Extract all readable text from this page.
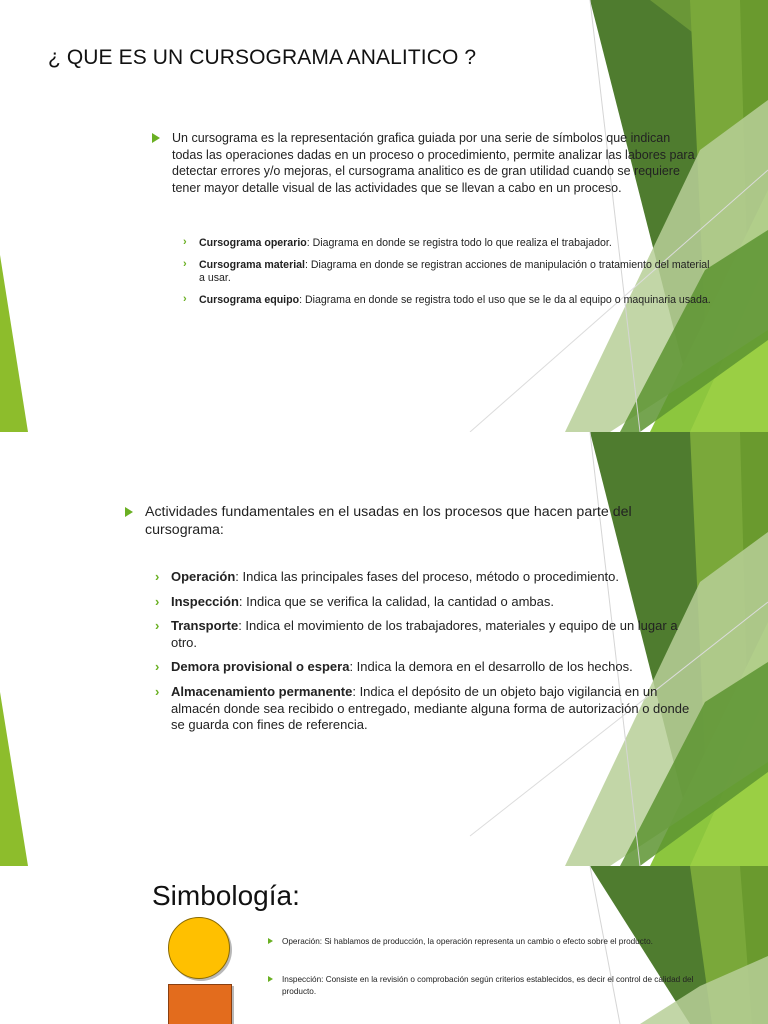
¿ QUE ES UN CURSOGRAMA ANALITICO ?
Un cursograma es la representación grafica guiada por una serie de símbolos que indican todas las operaciones dadas en un proceso o procedimiento, permite analizar las labores para detectar errores y/o mejoras, el cursograma analitico es de gran utilidad cuando se requiere tener mayor detalle visual de las actividades que se llevan a cabo en un proceso.
› Cursograma operario: Diagrama en donde se registra todo lo que realiza el trabajador.
› Cursograma material: Diagrama en donde se registran acciones de manipulación o tratamiento del material a usar.
› Cursograma equipo: Diagrama en donde se registra todo el uso que se le da al equipo o maquinaria usada.
Actividades fundamentales en el usadas en los procesos que hacen parte del cursograma:
› Operación: Indica las principales fases del proceso, método o procedimiento.
› Inspección: Indica que se verifica la calidad, la cantidad o ambas.
› Transporte: Indica el movimiento de los trabajadores, materiales y equipo de un lugar a otro.
› Demora provisional o espera: Indica la demora en el desarrollo de los hechos.
› Almacenamiento permanente: Indica el depósito de un objeto bajo vigilancia en un almacén donde sea recibido o entregado, mediante alguna forma de autorización o donde se guarda con fines de referencia.
Simbología:
Operación: Si hablamos de producción, la operación representa un cambio o efecto sobre el producto.
Inspección: Consiste en la revisión o comprobación según criterios establecidos, es decir el control de calidad del producto.
